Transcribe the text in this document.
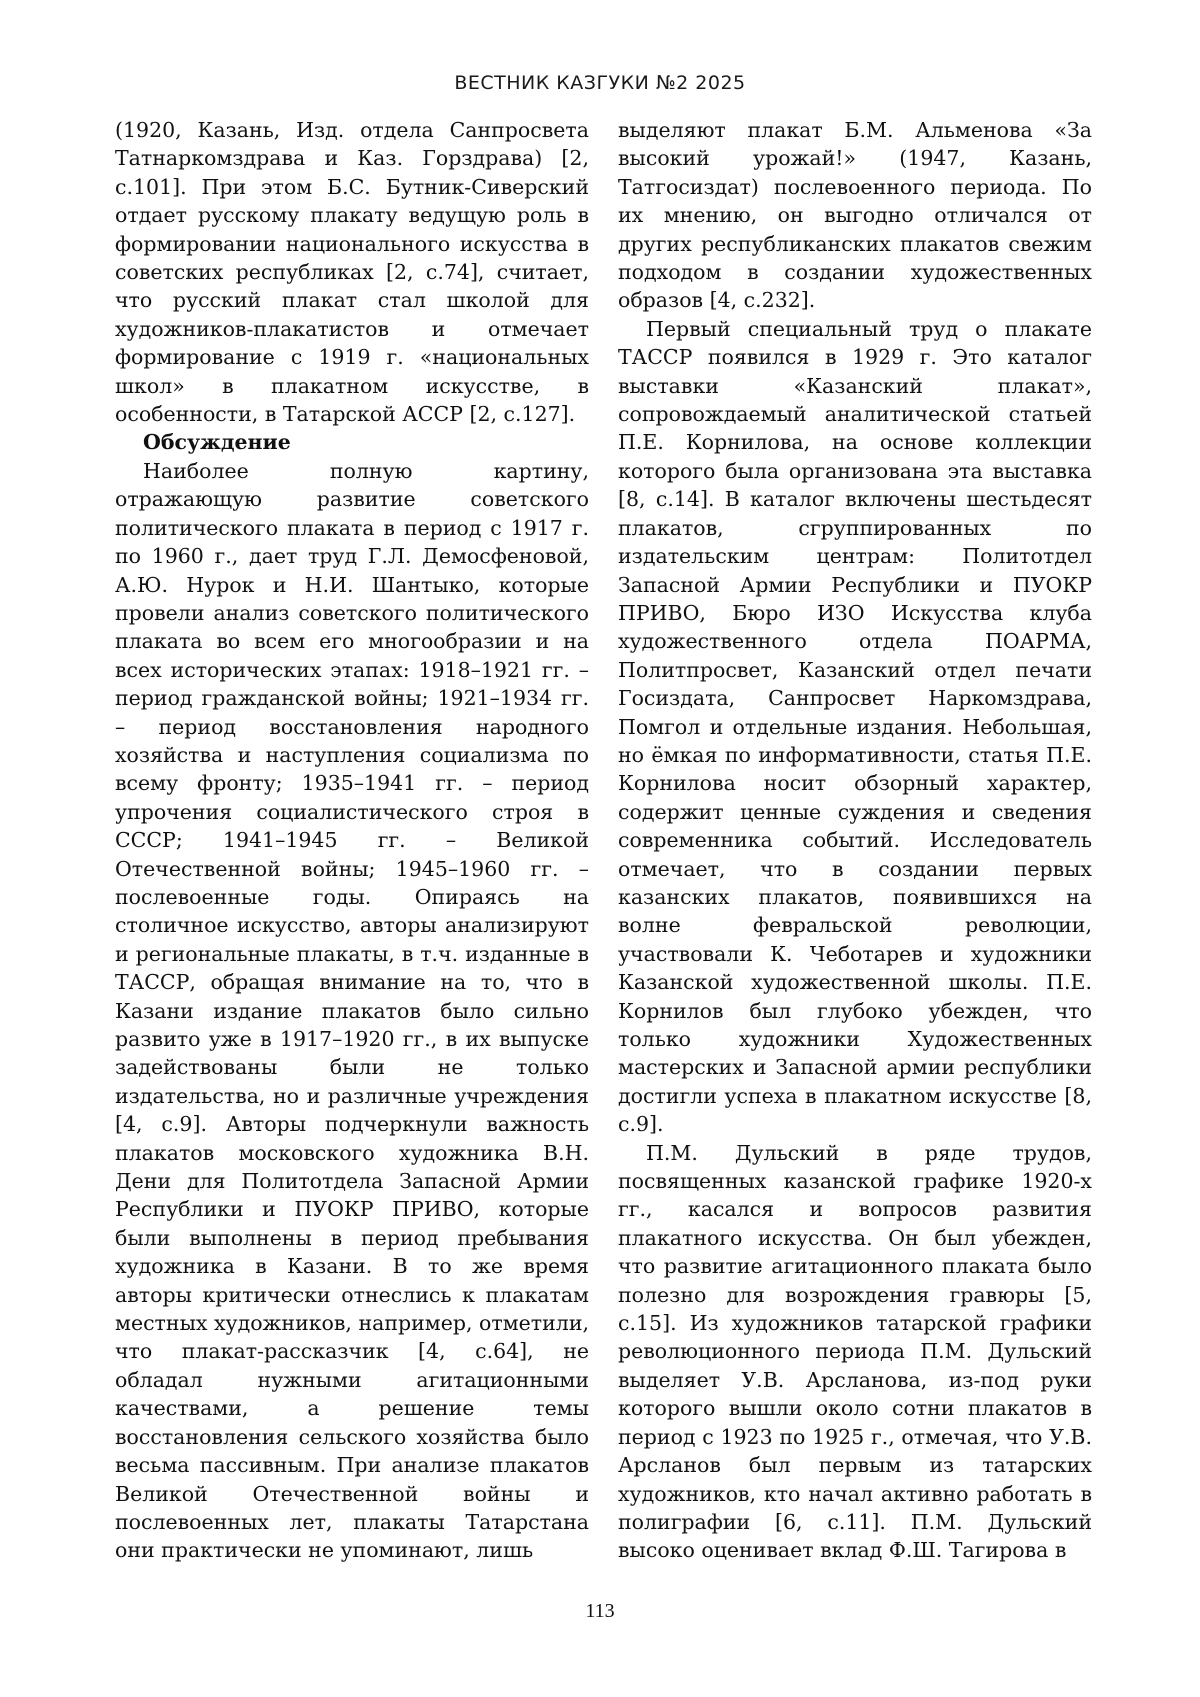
ВЕСТНИК КАЗГУКИ №2 2025

(1920, Казань, Изд. отдела Санпросвета Татнаркомздрава и Каз. Горздрава) [2, с.101]. При этом Б.С. Бутник-Сиверский отдает русскому плакату ведущую роль в формировании национального искусства в советских республиках [2, с.74], считает, что русский плакат стал школой для художников-плакатистов и отмечает формирование с 1919 г. «национальных школ» в плакатном искусстве, в особенности, в Татарской АССР [2, с.127].

Обсуждение

Наиболее полную картину, отражающую развитие советского политического плаката в период с 1917 г. по 1960 г., дает труд Г.Л. Демосфеновой, А.Ю. Нурок и Н.И. Шантыко, которые провели анализ советского политического плаката во всем его многообразии и на всех исторических этапах: 1918–1921 гг. – период гражданской войны; 1921–1934 гг. – период восстановления народного хозяйства и наступления социализма по всему фронту; 1935–1941 гг. – период упрочения социалистического строя в СССР; 1941–1945 гг. – Великой Отечественной войны; 1945–1960 гг. – послевоенные годы. Опираясь на столичное искусство, авторы анализируют и региональные плакаты, в т.ч. изданные в ТАССР, обращая внимание на то, что в Казани издание плакатов было сильно развито уже в 1917–1920 гг., в их выпуске задействованы были не только издательства, но и различные учреждения [4, с.9]. Авторы подчеркнули важность плакатов московского художника В.Н. Дени для Политотдела Запасной Армии Республики и ПУОКР ПРИВО, которые были выполнены в период пребывания художника в Казани. В то же время авторы критически отнеслись к плакатам местных художников, например, отметили, что плакат-рассказчик [4, с.64], не обладал нужными агитационными качествами, а решение темы восстановления сельского хозяйства было весьма пассивным. При анализе плакатов Великой Отечественной войны и послевоенных лет, плакаты Татарстана они практически не упоминают, лишь

выделяют плакат Б.М. Альменова «За высокий урожай!» (1947, Казань, Татгосиздат) послевоенного периода. По их мнению, он выгодно отличался от других республиканских плакатов свежим подходом в создании художественных образов [4, с.232].

Первый специальный труд о плакате ТАССР появился в 1929 г. Это каталог выставки «Казанский плакат», сопровождаемый аналитической статьей П.Е. Корнилова, на основе коллекции которого была организована эта выставка [8, с.14]. В каталог включены шестьдесят плакатов, сгруппированных по издательским центрам: Политотдел Запасной Армии Республики и ПУОКР ПРИВО, Бюро ИЗО Искусства клуба художественного отдела ПОАРМА, Политпросвет, Казанский отдел печати Госиздата, Санпросвет Наркомздрава, Помгол и отдельные издания. Небольшая, но ёмкая по информативности, статья П.Е. Корнилова носит обзорный характер, содержит ценные суждения и сведения современника событий. Исследователь отмечает, что в создании первых казанских плакатов, появившихся на волне февральской революции, участвовали К. Чеботарев и художники Казанской художественной школы. П.Е. Корнилов был глубоко убежден, что только художники Художественных мастерских и Запасной армии республики достигли успеха в плакатном искусстве [8, с.9].

П.М. Дульский в ряде трудов, посвященных казанской графике 1920-х гг., касался и вопросов развития плакатного искусства. Он был убежден, что развитие агитационного плаката было полезно для возрождения гравюры [5, с.15]. Из художников татарской графики революционного периода П.М. Дульский выделяет У.В. Арсланова, из-под руки которого вышли около сотни плакатов в период с 1923 по 1925 г., отмечая, что У.В. Арсланов был первым из татарских художников, кто начал активно работать в полиграфии [6, с.11]. П.М. Дульский высоко оценивает вклад Ф.Ш. Тагирова в

113
